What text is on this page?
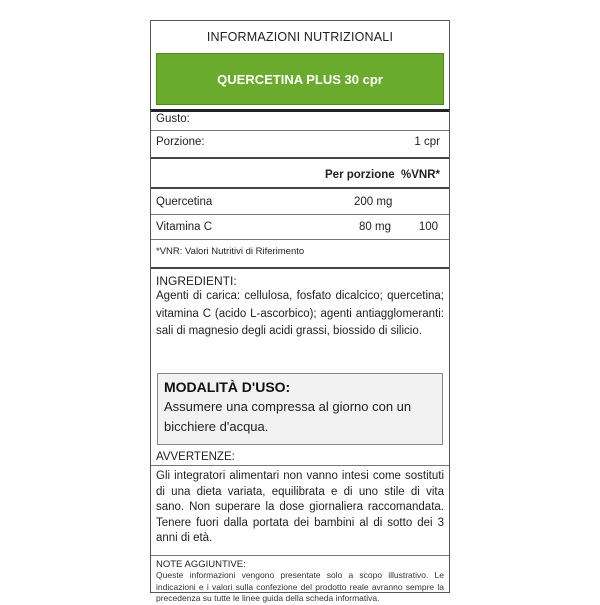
INFORMAZIONI NUTRIZIONALI
QUERCETINA PLUS 30 cpr
Gusto:
Porzione:	1 cpr
Per porzione %VNR*
Quercetina	200 mg
Vitamina C	80 mg 100
*VNR: Valori Nutritivi di Riferimento
INGREDIENTI:
Agenti di carica: cellulosa, fosfato dicalcico; quercetina; vitamina C (acido L-ascorbico); agenti antiagglomeranti: sali di magnesio degli acidi grassi, biossido di silicio.
MODALITÀ D'USO:
Assumere una compressa al giorno con un bicchiere d'acqua.
AVVERTENZE:
Gli integratori alimentari non vanno intesi come sostituti di una dieta variata, equilibrata e di uno stile di vita sano. Non superare la dose giornaliera raccomandata. Tenere fuori dalla portata dei bambini al di sotto dei 3 anni di età.
NOTE AGGIUNTIVE:
Queste informazioni vengono presentate solo a scopo illustrativo. Le indicazioni e i valori sulla confezione del prodotto reale avranno sempre la precedenza su tutte le linee guida della scheda informativa.
